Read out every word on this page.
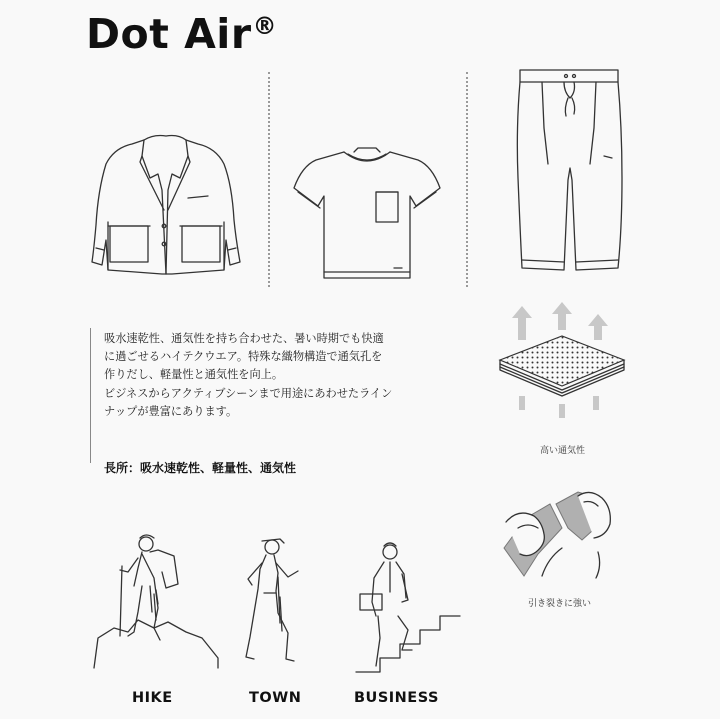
Dot Air®

吸水速乾性、通気性を持ち合わせた、暑い時期でも快適

に過ごせるハイテクウエア。特殊な織物構造で通気孔を

作りだし、軽量性と通気性を向上。

ビジネスからアクティブシーンまで用途にあわせたライン

ナップが豊富にあります。

長所：吸水速乾性、軽量性、通気性
高い通気性
引き裂きに強い
HIKE	TOWN	BUSINESS
